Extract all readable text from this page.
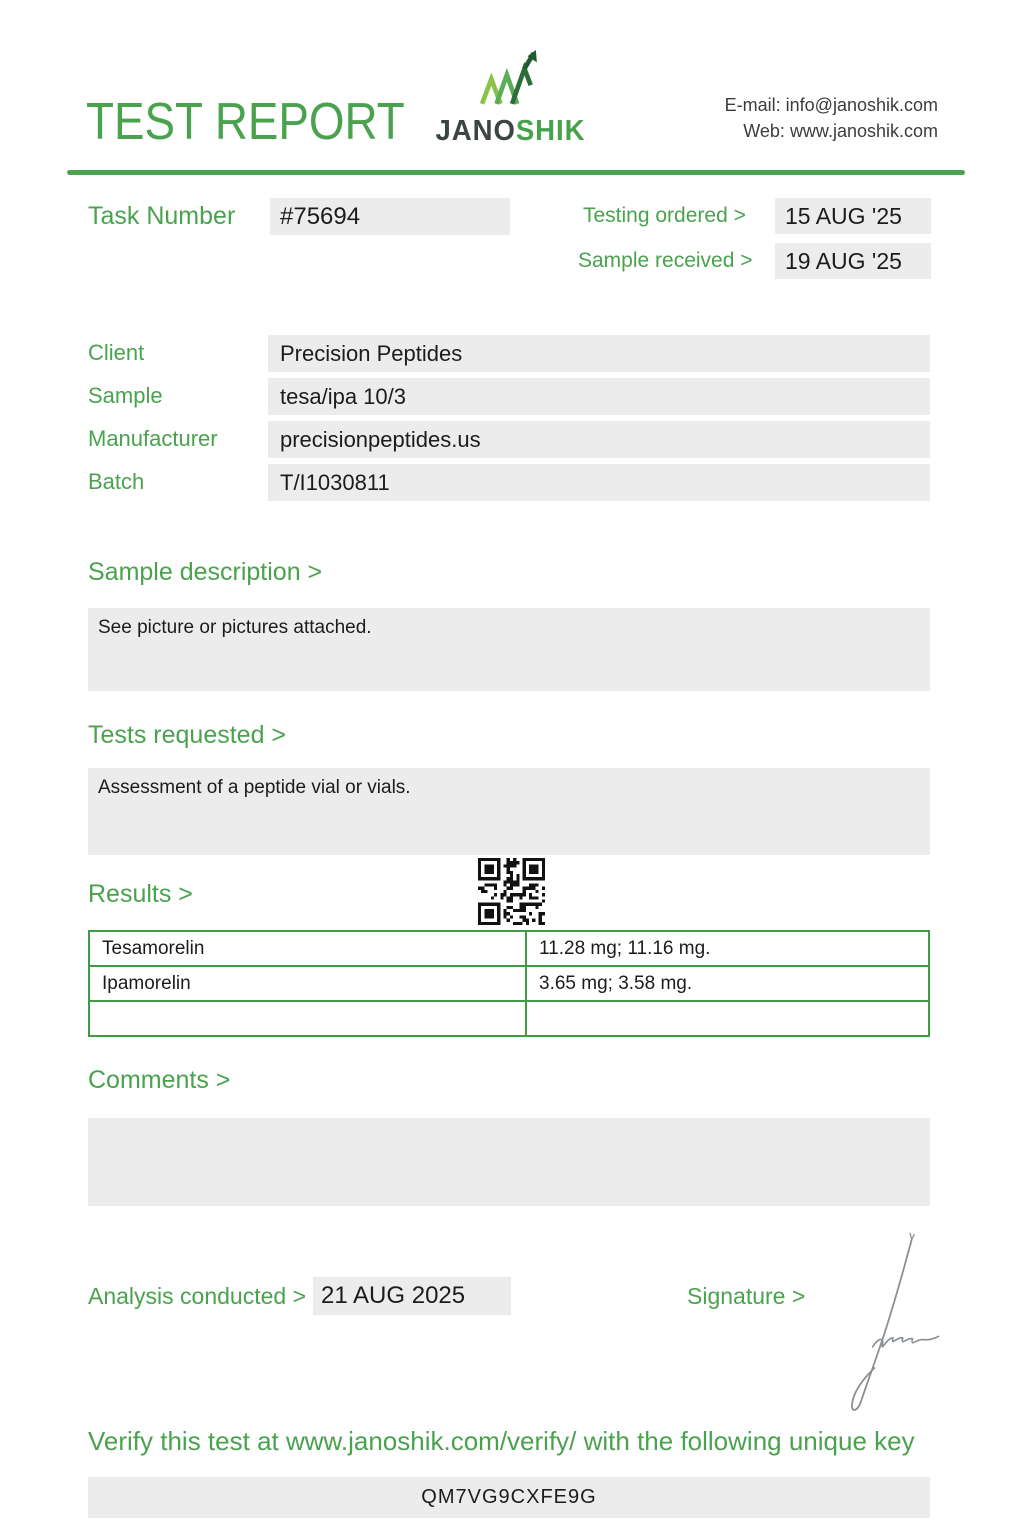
TEST REPORT JANOSHIK
E-mail: info@janoshik.com
Web: www.janoshik.com
Task Number	#75694	Testing ordered >	15 AUG '25
Sample received >	19 AUG '25
Client	Precision Peptides
Sample	tesa/ipa 10/3
Manufacturer	precisionpeptides.us
Batch	T/I1030811
Sample description >
See picture or pictures attached.
Tests requested >
Assessment of a peptide vial or vials.
Results >
Tesamorelin	11.28 mg; 11.16 mg.
Ipamorelin	3.65 mg; 3.58 mg.

Comments >
Analysis conducted > 21 AUG 2025	Signature >
Verify this test at www.janoshik.com/verify/ with the following unique key
QM7VG9CXFE9G
